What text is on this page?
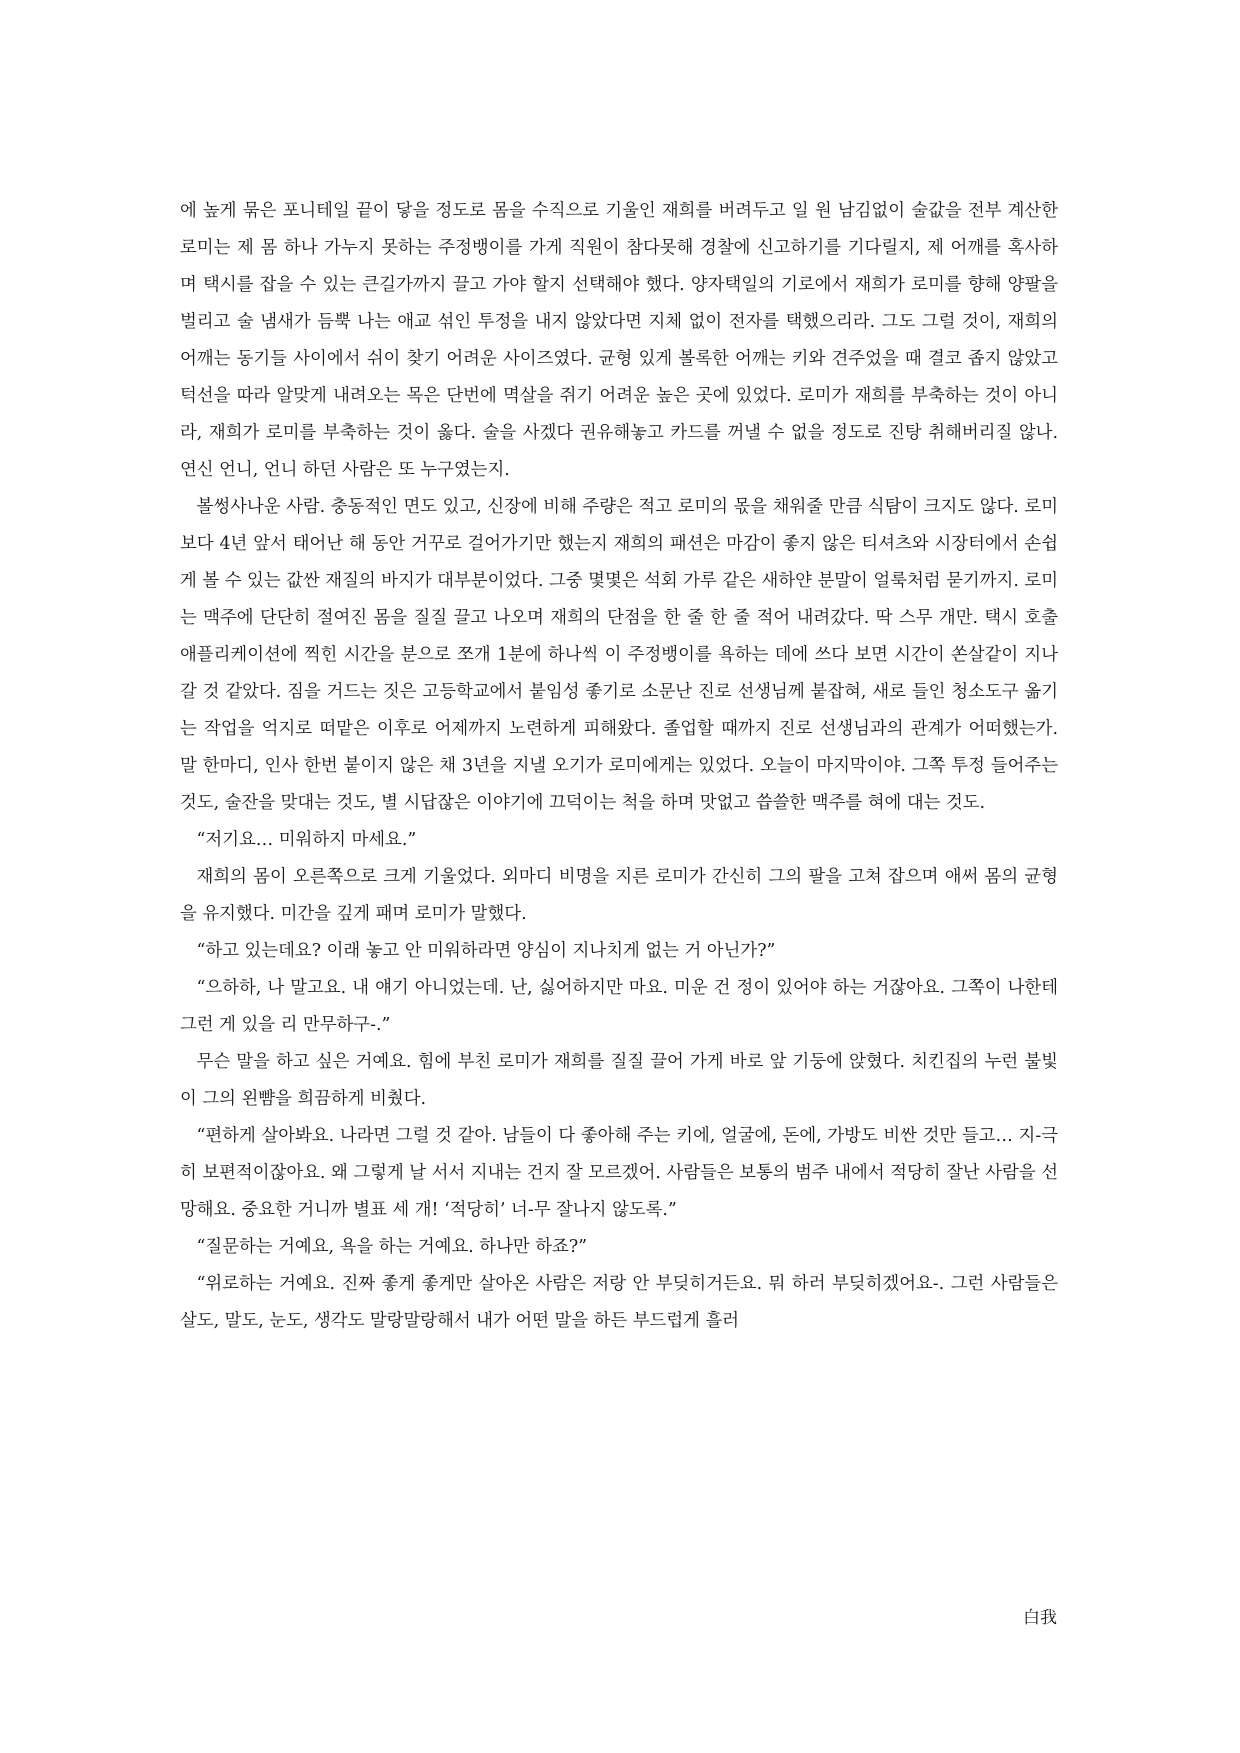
에 높게 묶은 포니테일 끝이 닿을 정도로 몸을 수직으로 기울인 재희를 버려두고 일 원 남김없이 술값을 전부 계산한 로미는 제 몸 하나 가누지 못하는 주정뱅이를 가게 직원이 참다못해 경찰에 신고하기를 기다릴지, 제 어깨를 혹사하며 택시를 잡을 수 있는 큰길가까지 끌고 가야 할지 선택해야 했다. 양자택일의 기로에서 재희가 로미를 향해 양팔을 벌리고 술 냄새가 듬뿍 나는 애교 섞인 투정을 내지 않았다면 지체 없이 전자를 택했으리라. 그도 그럴 것이, 재희의 어깨는 동기들 사이에서 쉬이 찾기 어려운 사이즈였다. 균형 있게 볼록한 어깨는 키와 견주었을 때 결코 좁지 않았고 턱선을 따라 알맞게 내려오는 목은 단번에 멱살을 쥐기 어려운 높은 곳에 있었다. 로미가 재희를 부축하는 것이 아니라, 재희가 로미를 부축하는 것이 옳다. 술을 사겠다 권유해놓고 카드를 꺼낼 수 없을 정도로 진탕 취해버리질 않나. 연신 언니, 언니 하던 사람은 또 누구였는지.

볼썽사나운 사람. 충동적인 면도 있고, 신장에 비해 주량은 적고 로미의 몫을 채워줄 만큼 식탐이 크지도 않다. 로미보다 4년 앞서 태어난 해 동안 거꾸로 걸어가기만 했는지 재희의 패션은 마감이 좋지 않은 티셔츠와 시장터에서 손쉽게 볼 수 있는 값싼 재질의 바지가 대부분이었다. 그중 몇몇은 석회 가루 같은 새하얀 분말이 얼룩처럼 묻기까지. 로미는 맥주에 단단히 절여진 몸을 질질 끌고 나오며 재희의 단점을 한 줄 한 줄 적어 내려갔다. 딱 스무 개만. 택시 호출 애플리케이션에 찍힌 시간을 분으로 쪼개 1분에 하나씩 이 주정뱅이를 욕하는 데에 쓰다 보면 시간이 쏜살같이 지나갈 것 같았다. 짐을 거드는 짓은 고등학교에서 붙임성 좋기로 소문난 진로 선생님께 붙잡혀, 새로 들인 청소도구 옮기는 작업을 억지로 떠맡은 이후로 어제까지 노련하게 피해왔다. 졸업할 때까지 진로 선생님과의 관계가 어떠했는가. 말 한마디, 인사 한번 붙이지 않은 채 3년을 지낼 오기가 로미에게는 있었다. 오늘이 마지막이야. 그쪽 투정 들어주는 것도, 술잔을 맞대는 것도, 별 시답잖은 이야기에 끄덕이는 척을 하며 맛없고 씁쓸한 맥주를 혀에 대는 것도.

“저기요… 미워하지 마세요.”

재희의 몸이 오른쪽으로 크게 기울었다. 외마디 비명을 지른 로미가 간신히 그의 팔을 고쳐 잡으며 애써 몸의 균형을 유지했다. 미간을 깊게 패며 로미가 말했다.

“하고 있는데요? 이래 놓고 안 미워하라면 양심이 지나치게 없는 거 아닌가?”

“으하하, 나 말고요. 내 얘기 아니었는데. 난, 싫어하지만 마요. 미운 건 정이 있어야 하는 거잖아요. 그쪽이 나한테 그런 게 있을 리 만무하구-.”

무슨 말을 하고 싶은 거예요. 힘에 부친 로미가 재희를 질질 끌어 가게 바로 앞 기둥에 앉혔다. 치킨집의 누런 불빛이 그의 왼뺨을 희끔하게 비췄다.

“편하게 살아봐요. 나라면 그럴 것 같아. 남들이 다 좋아해 주는 키에, 얼굴에, 돈에, 가방도 비싼 것만 들고… 지-극히 보편적이잖아요. 왜 그렇게 날 서서 지내는 건지 잘 모르겠어. 사람들은 보통의 범주 내에서 적당히 잘난 사람을 선망해요. 중요한 거니까 별표 세 개! ‘적당히’ 너-무 잘나지 않도록.”

“질문하는 거예요, 욕을 하는 거예요. 하나만 하죠?”

“위로하는 거예요. 진짜 좋게 좋게만 살아온 사람은 저랑 안 부딪히거든요. 뭐 하러 부딪히겠어요-. 그런 사람들은 살도, 말도, 눈도, 생각도 말랑말랑해서 내가 어떤 말을 하든 부드럽게 흘러

白我
